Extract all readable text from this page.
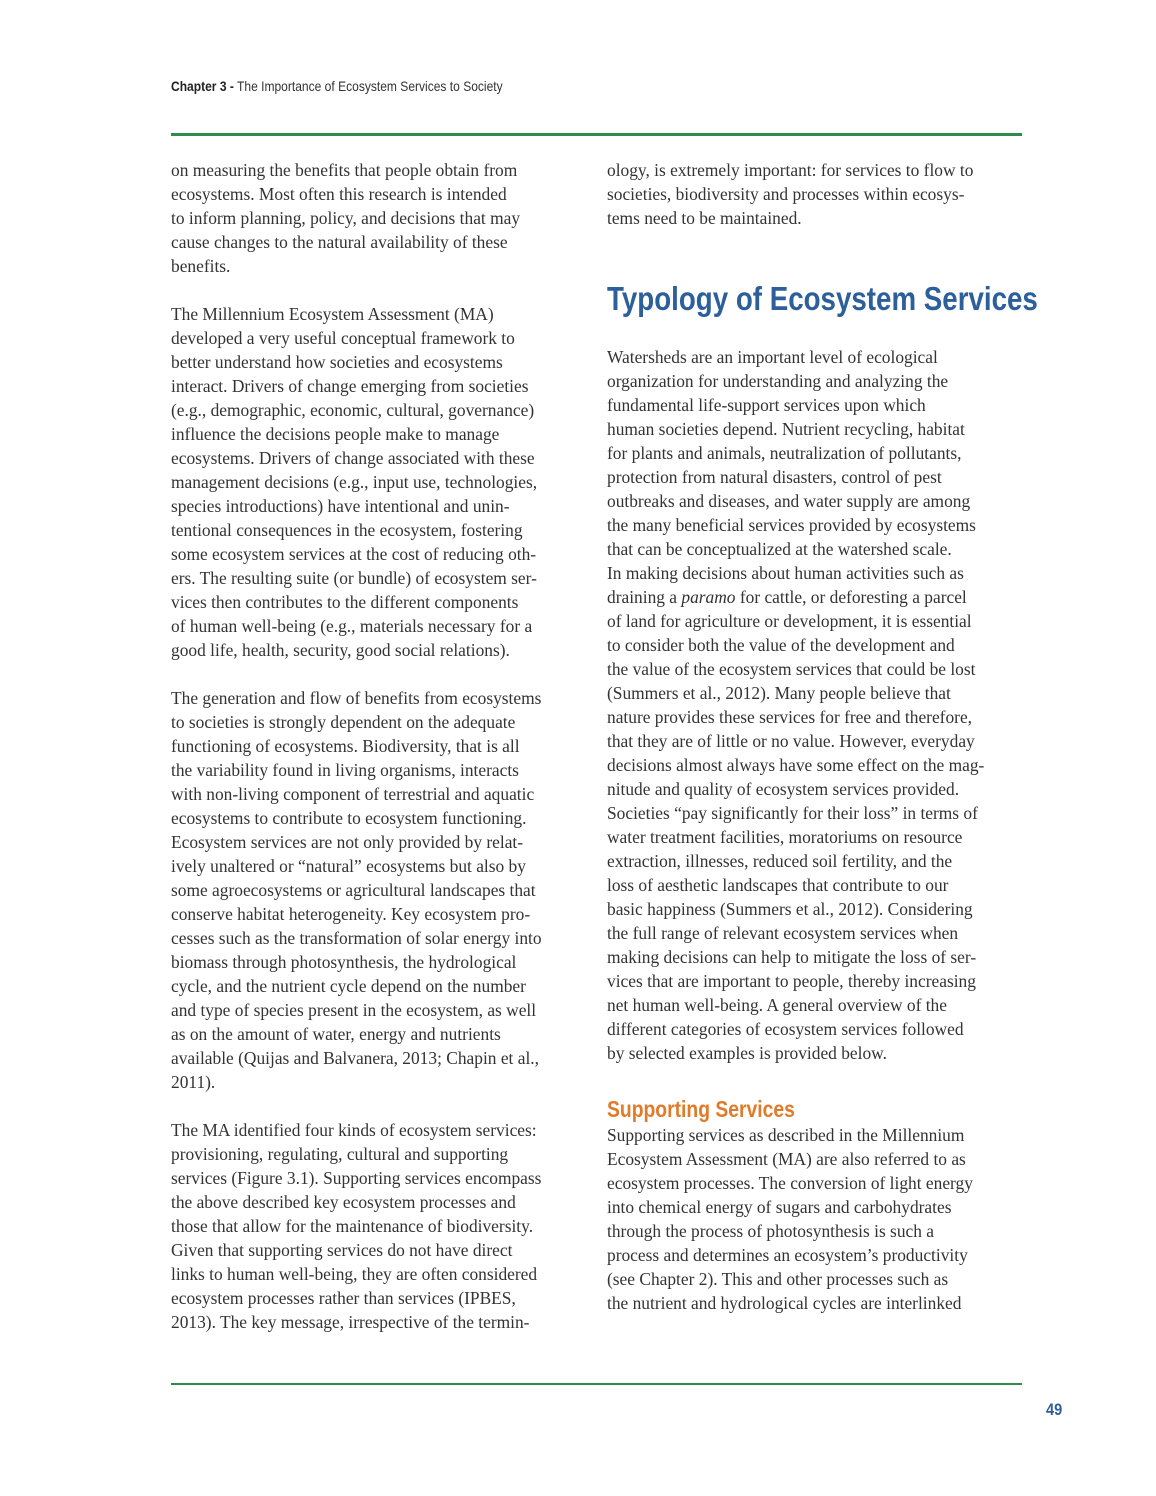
Chapter 3 - The Importance of Ecosystem Services to Society

on measuring the benefits that people obtain from
ecosystems. Most often this research is intended
to inform planning, policy, and decisions that may
cause changes to the natural availability of these
benefits.

The Millennium Ecosystem Assessment (MA)
developed a very useful conceptual framework to
better understand how societies and ecosystems
interact. Drivers of change emerging from societies
(e.g., demographic, economic, cultural, governance)
influence the decisions people make to manage
ecosystems. Drivers of change associated with these
management decisions (e.g., input use, technologies,
species introductions) have intentional and unin-
tentional consequences in the ecosystem, fostering
some ecosystem services at the cost of reducing oth-
ers. The resulting suite (or bundle) of ecosystem ser-
vices then contributes to the different components
of human well-being (e.g., materials necessary for a
good life, health, security, good social relations).

The generation and flow of benefits from ecosystems
to societies is strongly dependent on the adequate
functioning of ecosystems. Biodiversity, that is all
the variability found in living organisms, interacts
with non-living component of terrestrial and aquatic
ecosystems to contribute to ecosystem functioning.
Ecosystem services are not only provided by relat-
ively unaltered or “natural” ecosystems but also by
some agroecosystems or agricultural landscapes that
conserve habitat heterogeneity. Key ecosystem pro-
cesses such as the transformation of solar energy into
biomass through photosynthesis, the hydrological
cycle, and the nutrient cycle depend on the number
and type of species present in the ecosystem, as well
as on the amount of water, energy and nutrients
available (Quijas and Balvanera, 2013; Chapin et al.,
2011).

The MA identified four kinds of ecosystem services:
provisioning, regulating, cultural and supporting
services (Figure 3.1). Supporting services encompass
the above described key ecosystem processes and
those that allow for the maintenance of biodiversity.
Given that supporting services do not have direct
links to human well-being, they are often considered
ecosystem processes rather than services (IPBES,
2013). The key message, irrespective of the termin-

ology, is extremely important: for services to flow to
societies, biodiversity and processes within ecosys-
tems need to be maintained.

Typology of Ecosystem Services

Watersheds are an important level of ecological
organization for understanding and analyzing the
fundamental life-support services upon which
human societies depend. Nutrient recycling, habitat
for plants and animals, neutralization of pollutants,
protection from natural disasters, control of pest
outbreaks and diseases, and water supply are among
the many beneficial services provided by ecosystems
that can be conceptualized at the watershed scale.
In making decisions about human activities such as
draining a paramo for cattle, or deforesting a parcel
of land for agriculture or development, it is essential
to consider both the value of the development and
the value of the ecosystem services that could be lost
(Summers et al., 2012). Many people believe that
nature provides these services for free and therefore,
that they are of little or no value. However, everyday
decisions almost always have some effect on the mag-
nitude and quality of ecosystem services provided.
Societies “pay significantly for their loss” in terms of
water treatment facilities, moratoriums on resource
extraction, illnesses, reduced soil fertility, and the
loss of aesthetic landscapes that contribute to our
basic happiness (Summers et al., 2012). Considering
the full range of relevant ecosystem services when
making decisions can help to mitigate the loss of ser-
vices that are important to people, thereby increasing
net human well-being. A general overview of the
different categories of ecosystem services followed
by selected examples is provided below.

Supporting Services

Supporting services as described in the Millennium
Ecosystem Assessment (MA) are also referred to as
ecosystem processes. The conversion of light energy
into chemical energy of sugars and carbohydrates
through the process of photosynthesis is such a
process and determines an ecosystem’s productivity
(see Chapter 2). This and other processes such as
the nutrient and hydrological cycles are interlinked

49
